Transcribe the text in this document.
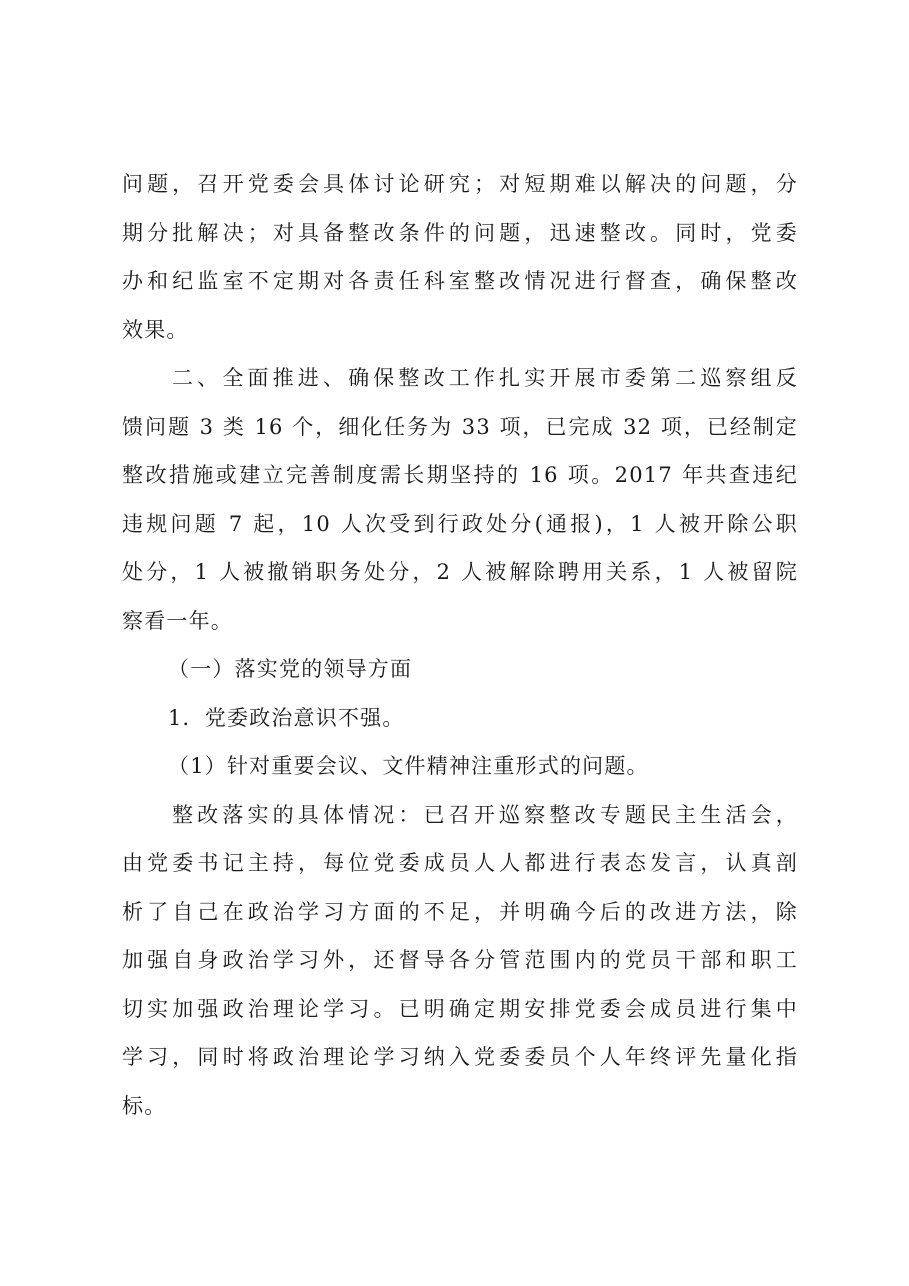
问题，召开党委会具体讨论研究；对短期难以解决的问题，分
期分批解决；对具备整改条件的问题，迅速整改。同时，党委
办和纪监室不定期对各责任科室整改情况进行督查，确保整改
效果。
二、全面推进、确保整改工作扎实开展市委第二巡察组反
馈问题 3 类 16 个，细化任务为 33 项，已完成 32 项，已经制定
整改措施或建立完善制度需长期坚持的 16 项。2017 年共查违纪
违规问题 7 起，10 人次受到行政处分(通报)，1 人被开除公职
处分，1 人被撤销职务处分，2 人被解除聘用关系，1 人被留院
察看一年。
（一）落实党的领导方面
1．党委政治意识不强。
（1）针对重要会议、文件精神注重形式的问题。
整改落实的具体情况：已召开巡察整改专题民主生活会，
由党委书记主持，每位党委成员人人都进行表态发言，认真剖
析了自己在政治学习方面的不足，并明确今后的改进方法，除
加强自身政治学习外，还督导各分管范围内的党员干部和职工
切实加强政治理论学习。已明确定期安排党委会成员进行集中
学习，同时将政治理论学习纳入党委委员个人年终评先量化指
标。
